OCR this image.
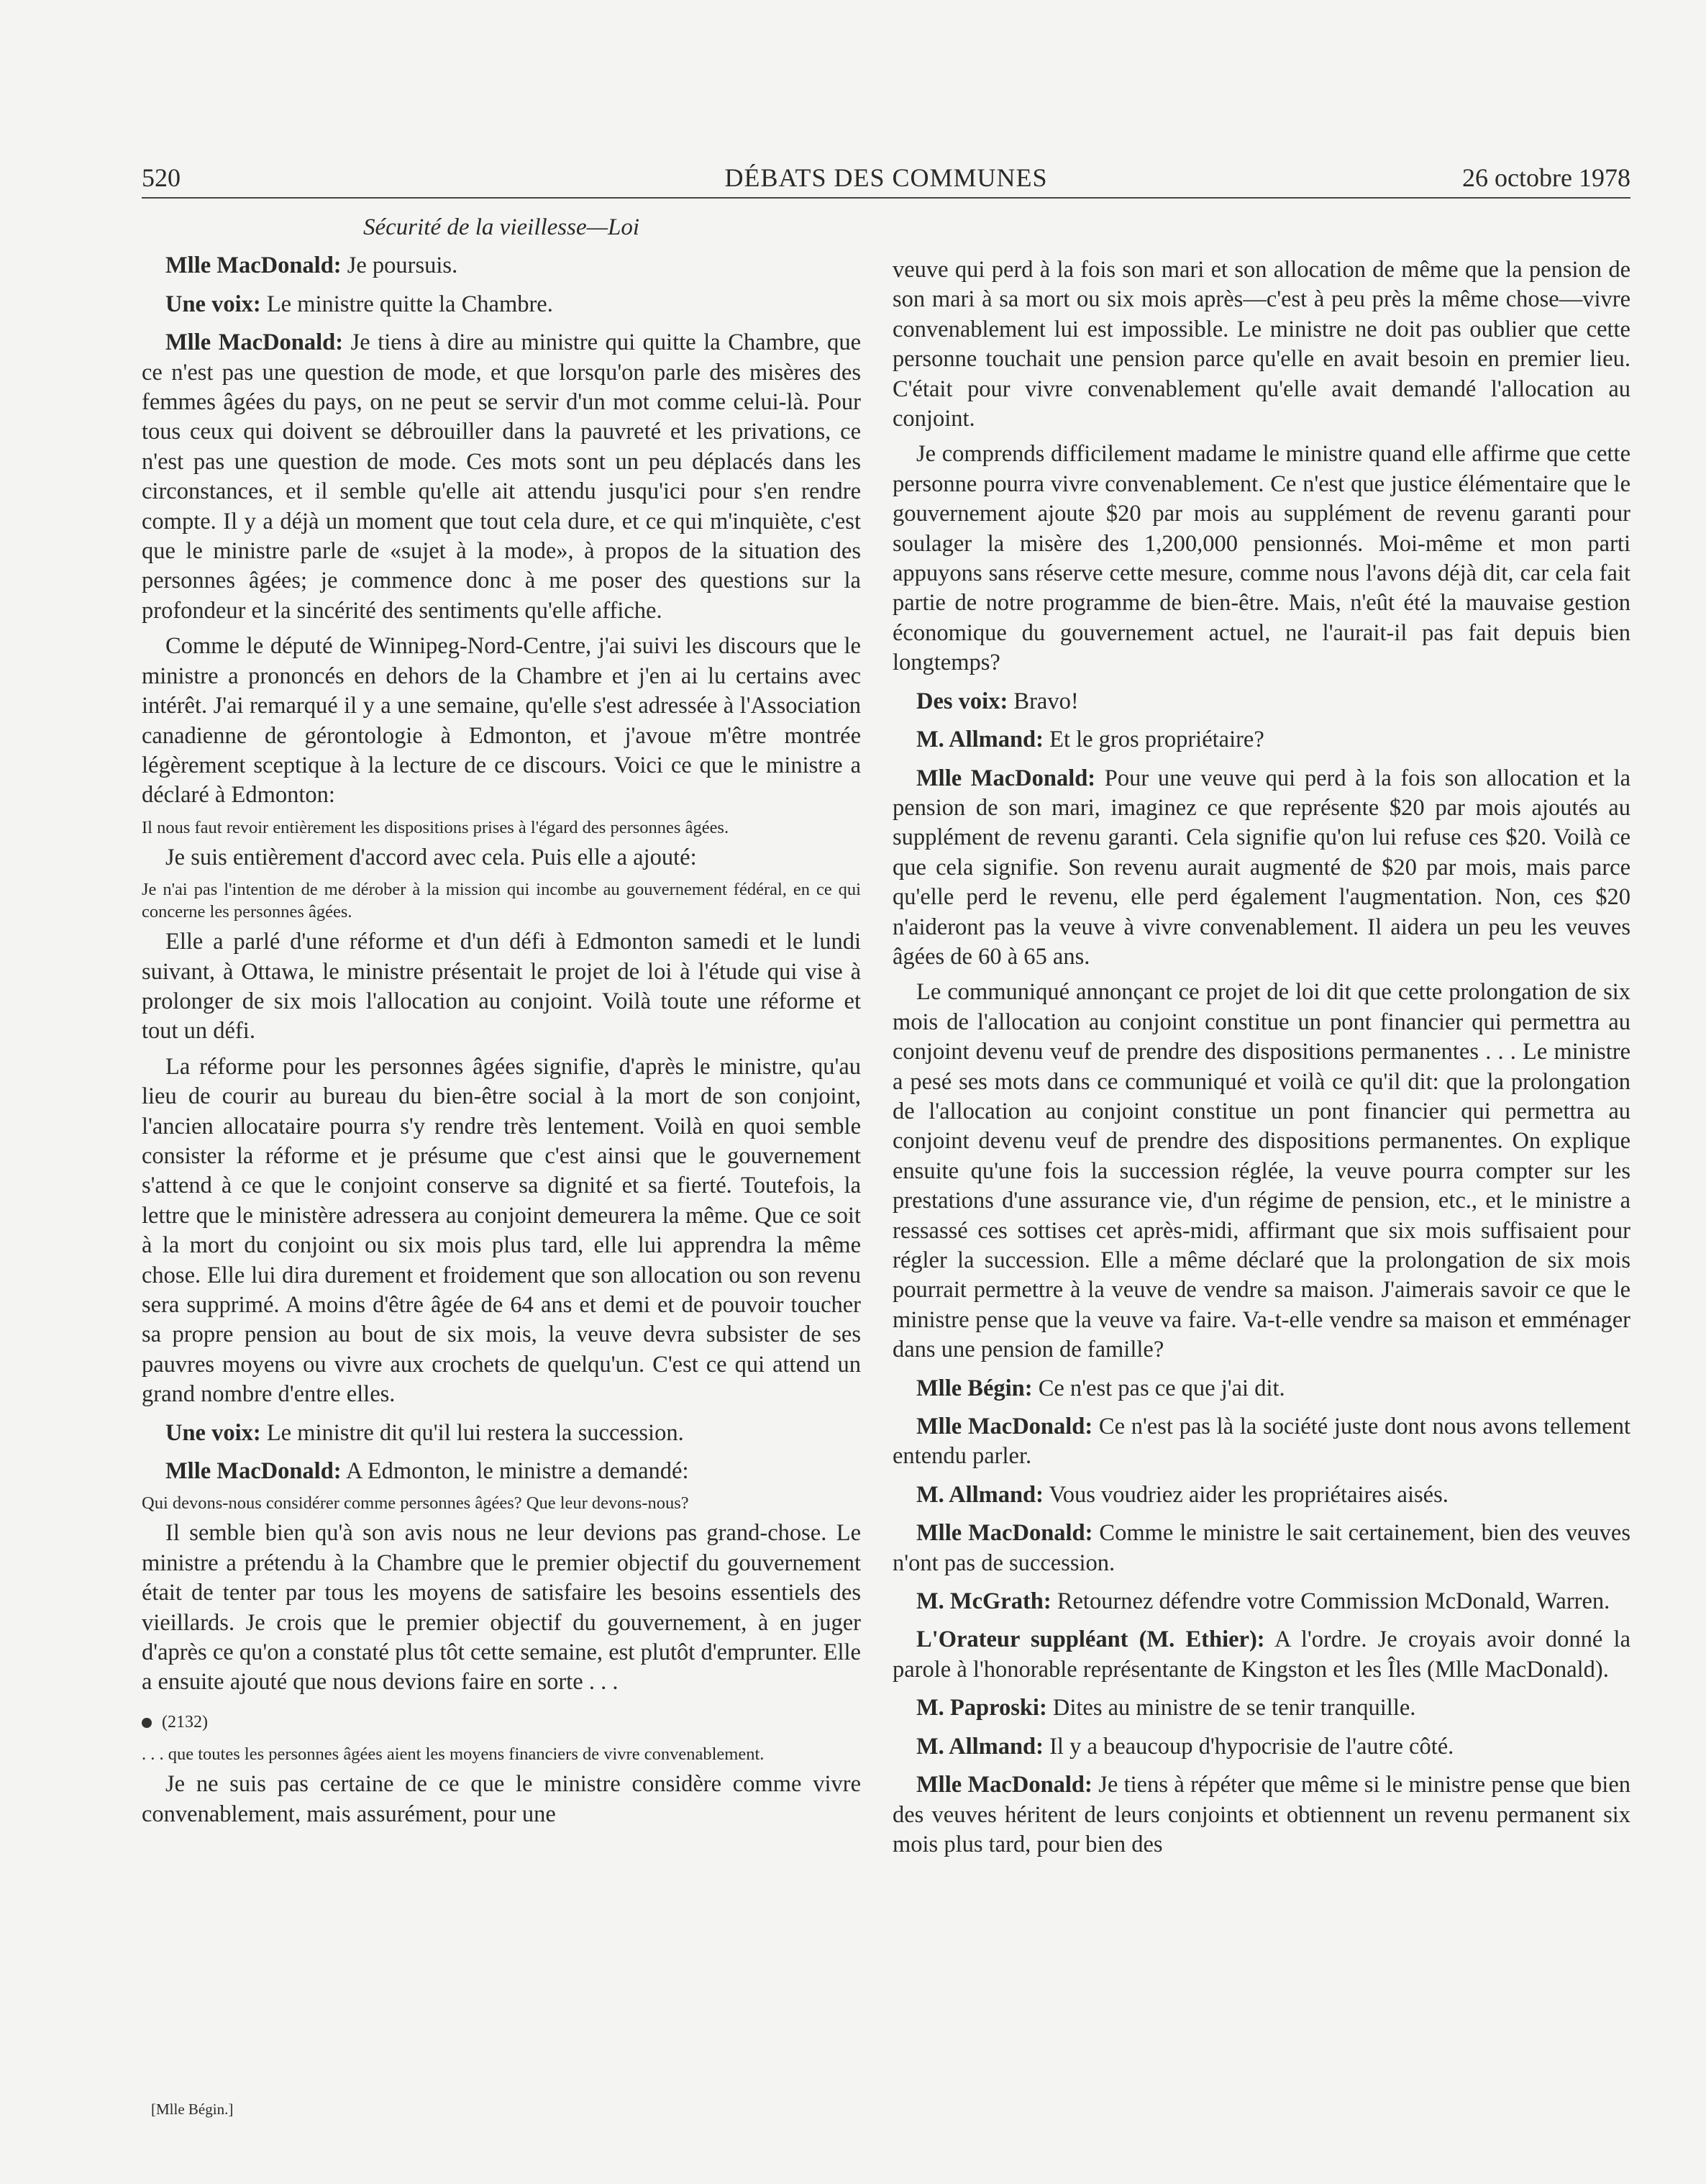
520	DÉBATS DES COMMUNES	26 octobre 1978
Sécurité de la vieillesse—Loi

Mlle MacDonald: Je poursuis.

Une voix: Le ministre quitte la Chambre.

Mlle MacDonald: Je tiens à dire au ministre qui quitte la Chambre, que ce n'est pas une question de mode, et que lorsqu'on parle des misères des femmes âgées du pays, on ne peut se servir d'un mot comme celui-là. Pour tous ceux qui doivent se débrouiller dans la pauvreté et les privations, ce n'est pas une question de mode. Ces mots sont un peu déplacés dans les circonstances, et il semble qu'elle ait attendu jusqu'ici pour s'en rendre compte. Il y a déjà un moment que tout cela dure, et ce qui m'inquiète, c'est que le ministre parle de «sujet à la mode», à propos de la situation des personnes âgées; je commence donc à me poser des questions sur la profondeur et la sincérité des sentiments qu'elle affiche.

Comme le député de Winnipeg-Nord-Centre, j'ai suivi les discours que le ministre a prononcés en dehors de la Chambre et j'en ai lu certains avec intérêt. J'ai remarqué il y a une semaine, qu'elle s'est adressée à l'Association canadienne de gérontologie à Edmonton, et j'avoue m'être montrée légèrement sceptique à la lecture de ce discours. Voici ce que le ministre a déclaré à Edmonton:

Il nous faut revoir entièrement les dispositions prises à l'égard des personnes âgées.

Je suis entièrement d'accord avec cela. Puis elle a ajouté:

Je n'ai pas l'intention de me dérober à la mission qui incombe au gouvernement fédéral, en ce qui concerne les personnes âgées.

Elle a parlé d'une réforme et d'un défi à Edmonton samedi et le lundi suivant, à Ottawa, le ministre présentait le projet de loi à l'étude qui vise à prolonger de six mois l'allocation au conjoint. Voilà toute une réforme et tout un défi.

La réforme pour les personnes âgées signifie, d'après le ministre, qu'au lieu de courir au bureau du bien-être social à la mort de son conjoint, l'ancien allocataire pourra s'y rendre très lentement. Voilà en quoi semble consister la réforme et je présume que c'est ainsi que le gouvernement s'attend à ce que le conjoint conserve sa dignité et sa fierté. Toutefois, la lettre que le ministère adressera au conjoint demeurera la même. Que ce soit à la mort du conjoint ou six mois plus tard, elle lui apprendra la même chose. Elle lui dira durement et froidement que son allocation ou son revenu sera supprimé. A moins d'être âgée de 64 ans et demi et de pouvoir toucher sa propre pension au bout de six mois, la veuve devra subsister de ses pauvres moyens ou vivre aux crochets de quelqu'un. C'est ce qui attend un grand nombre d'entre elles.

Une voix: Le ministre dit qu'il lui restera la succession.

Mlle MacDonald: A Edmonton, le ministre a demandé:

Qui devons-nous considérer comme personnes âgées? Que leur devons-nous?

Il semble bien qu'à son avis nous ne leur devions pas grand-chose. Le ministre a prétendu à la Chambre que le premier objectif du gouvernement était de tenter par tous les moyens de satisfaire les besoins essentiels des vieillards. Je crois que le premier objectif du gouvernement, à en juger d'après ce qu'on a constaté plus tôt cette semaine, est plutôt d'emprunter. Elle a ensuite ajouté que nous devions faire en sorte . . .

(2132)

. . . que toutes les personnes âgées aient les moyens financiers de vivre convenablement.

Je ne suis pas certaine de ce que le ministre considère comme vivre convenablement, mais assurément, pour une

[Mlle Bégin.]

veuve qui perd à la fois son mari et son allocation de même que la pension de son mari à sa mort ou six mois après—c'est à peu près la même chose—vivre convenablement lui est impossible. Le ministre ne doit pas oublier que cette personne touchait une pension parce qu'elle en avait besoin en premier lieu. C'était pour vivre convenablement qu'elle avait demandé l'allocation au conjoint.

Je comprends difficilement madame le ministre quand elle affirme que cette personne pourra vivre convenablement. Ce n'est que justice élémentaire que le gouvernement ajoute $20 par mois au supplément de revenu garanti pour soulager la misère des 1,200,000 pensionnés. Moi-même et mon parti appuyons sans réserve cette mesure, comme nous l'avons déjà dit, car cela fait partie de notre programme de bien-être. Mais, n'eût été la mauvaise gestion économique du gouvernement actuel, ne l'aurait-il pas fait depuis bien longtemps?

Des voix: Bravo!

M. Allmand: Et le gros propriétaire?

Mlle MacDonald: Pour une veuve qui perd à la fois son allocation et la pension de son mari, imaginez ce que représente $20 par mois ajoutés au supplément de revenu garanti. Cela signifie qu'on lui refuse ces $20. Voilà ce que cela signifie. Son revenu aurait augmenté de $20 par mois, mais parce qu'elle perd le revenu, elle perd également l'augmentation. Non, ces $20 n'aideront pas la veuve à vivre convenablement. Il aidera un peu les veuves âgées de 60 à 65 ans.

Le communiqué annonçant ce projet de loi dit que cette prolongation de six mois de l'allocation au conjoint constitue un pont financier qui permettra au conjoint devenu veuf de prendre des dispositions permanentes . . . Le ministre a pesé ses mots dans ce communiqué et voilà ce qu'il dit: que la prolongation de l'allocation au conjoint constitue un pont financier qui permettra au conjoint devenu veuf de prendre des dispositions permanentes. On explique ensuite qu'une fois la succession réglée, la veuve pourra compter sur les prestations d'une assurance vie, d'un régime de pension, etc., et le ministre a ressassé ces sottises cet après-midi, affirmant que six mois suffisaient pour régler la succession. Elle a même déclaré que la prolongation de six mois pourrait permettre à la veuve de vendre sa maison. J'aimerais savoir ce que le ministre pense que la veuve va faire. Va-t-elle vendre sa maison et emménager dans une pension de famille?

Mlle Bégin: Ce n'est pas ce que j'ai dit.

Mlle MacDonald: Ce n'est pas là la société juste dont nous avons tellement entendu parler.

M. Allmand: Vous voudriez aider les propriétaires aisés.

Mlle MacDonald: Comme le ministre le sait certainement, bien des veuves n'ont pas de succession.

M. McGrath: Retournez défendre votre Commission McDonald, Warren.

L'Orateur suppléant (M. Ethier): A l'ordre. Je croyais avoir donné la parole à l'honorable représentante de Kingston et les Îles (Mlle MacDonald).

M. Paproski: Dites au ministre de se tenir tranquille.

M. Allmand: Il y a beaucoup d'hypocrisie de l'autre côté.

Mlle MacDonald: Je tiens à répéter que même si le ministre pense que bien des veuves héritent de leurs conjoints et obtiennent un revenu permanent six mois plus tard, pour bien des
